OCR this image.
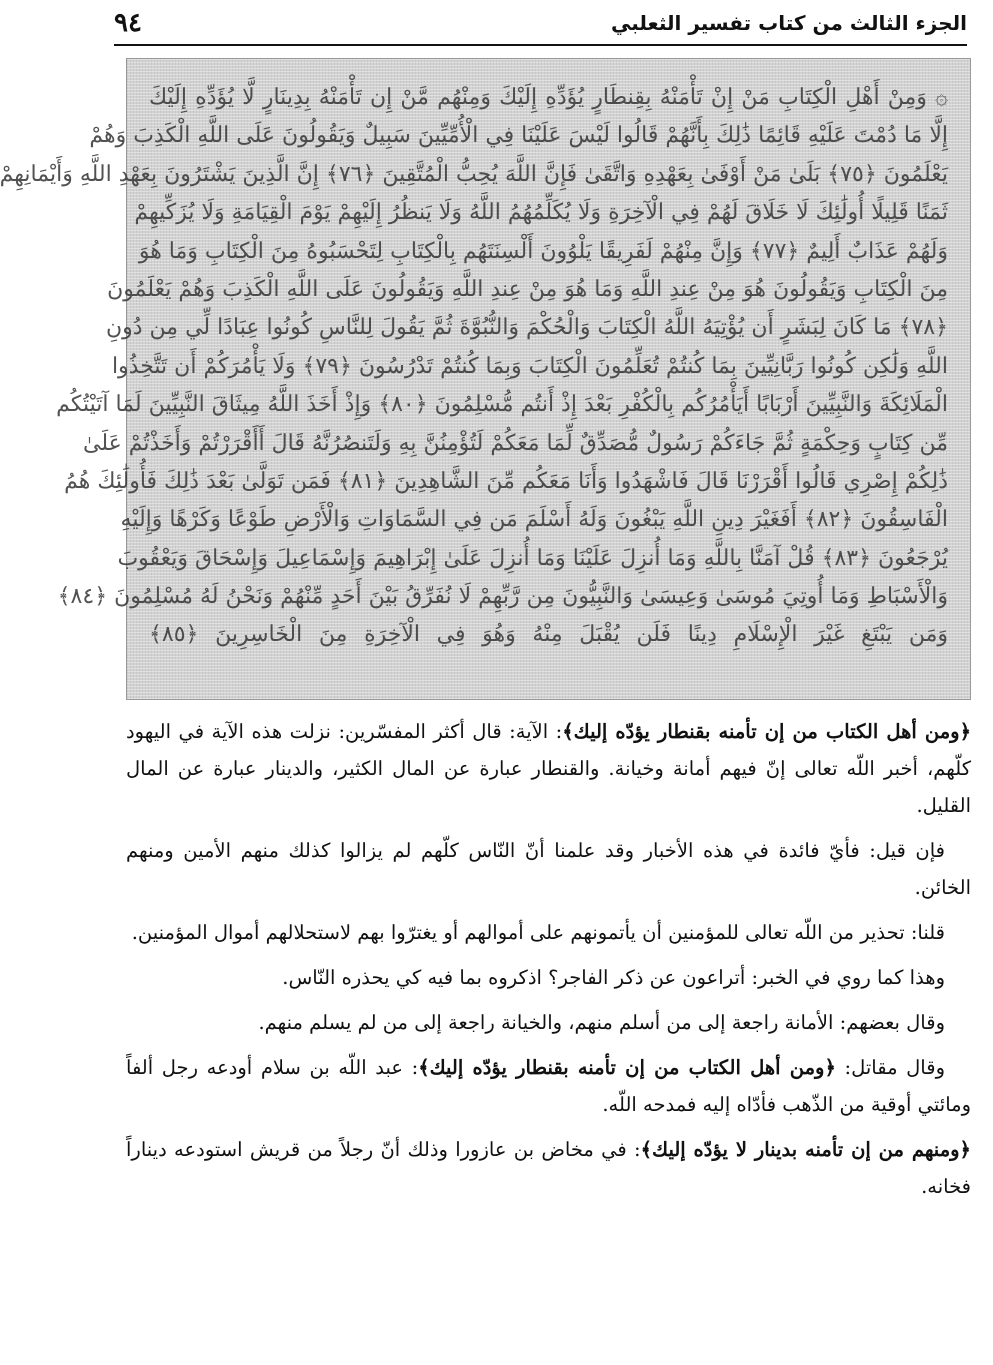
الجزء الثالث من كتاب تفسير الثعلبي
٩٤
۞ وَمِنْ أَهْلِ الْكِتَابِ مَنْ إِنْ تَأْمَنْهُ بِقِنطَارٍ يُؤَدِّهِ إِلَيْكَ وَمِنْهُم مَّنْ إِن تَأْمَنْهُ بِدِينَارٍ لَّا يُؤَدِّهِ إِلَيْكَ
إِلَّا مَا دُمْتَ عَلَيْهِ قَائِمًا ذَٰلِكَ بِأَنَّهُمْ قَالُوا لَيْسَ عَلَيْنَا فِي الْأُمِّيِّينَ سَبِيلٌ وَيَقُولُونَ عَلَى اللَّهِ الْكَذِبَ وَهُمْ
يَعْلَمُونَ ﴿٧٥﴾ بَلَىٰ مَنْ أَوْفَىٰ بِعَهْدِهِ وَاتَّقَىٰ فَإِنَّ اللَّهَ يُحِبُّ الْمُتَّقِينَ ﴿٧٦﴾ إِنَّ الَّذِينَ يَشْتَرُونَ بِعَهْدِ اللَّهِ وَأَيْمَانِهِمْ
ثَمَنًا قَلِيلًا أُولَٰئِكَ لَا خَلَاقَ لَهُمْ فِي الْآخِرَةِ وَلَا يُكَلِّمُهُمُ اللَّهُ وَلَا يَنظُرُ إِلَيْهِمْ يَوْمَ الْقِيَامَةِ وَلَا يُزَكِّيهِمْ
وَلَهُمْ عَذَابٌ أَلِيمٌ ﴿٧٧﴾ وَإِنَّ مِنْهُمْ لَفَرِيقًا يَلْوُونَ أَلْسِنَتَهُم بِالْكِتَابِ لِتَحْسَبُوهُ مِنَ الْكِتَابِ وَمَا هُوَ
مِنَ الْكِتَابِ وَيَقُولُونَ هُوَ مِنْ عِندِ اللَّهِ وَمَا هُوَ مِنْ عِندِ اللَّهِ وَيَقُولُونَ عَلَى اللَّهِ الْكَذِبَ وَهُمْ يَعْلَمُونَ
﴿٧٨﴾ مَا كَانَ لِبَشَرٍ أَن يُؤْتِيَهُ اللَّهُ الْكِتَابَ وَالْحُكْمَ وَالنُّبُوَّةَ ثُمَّ يَقُولَ لِلنَّاسِ كُونُوا عِبَادًا لِّي مِن دُونِ
اللَّهِ وَلَٰكِن كُونُوا رَبَّانِيِّينَ بِمَا كُنتُمْ تُعَلِّمُونَ الْكِتَابَ وَبِمَا كُنتُمْ تَدْرُسُونَ ﴿٧٩﴾ وَلَا يَأْمُرَكُمْ أَن تَتَّخِذُوا
الْمَلَائِكَةَ وَالنَّبِيِّينَ أَرْبَابًا أَيَأْمُرُكُم بِالْكُفْرِ بَعْدَ إِذْ أَنتُم مُّسْلِمُونَ ﴿٨٠﴾ وَإِذْ أَخَذَ اللَّهُ مِيثَاقَ النَّبِيِّينَ لَمَا آتَيْتُكُم
مِّن كِتَابٍ وَحِكْمَةٍ ثُمَّ جَاءَكُمْ رَسُولٌ مُّصَدِّقٌ لِّمَا مَعَكُمْ لَتُؤْمِنُنَّ بِهِ وَلَتَنصُرُنَّهُ قَالَ أَأَقْرَرْتُمْ وَأَخَذْتُمْ عَلَىٰ
ذَٰلِكُمْ إِصْرِي قَالُوا أَقْرَرْنَا قَالَ فَاشْهَدُوا وَأَنَا مَعَكُم مِّنَ الشَّاهِدِينَ ﴿٨١﴾ فَمَن تَوَلَّىٰ بَعْدَ ذَٰلِكَ فَأُولَٰئِكَ هُمُ
الْفَاسِقُونَ ﴿٨٢﴾ أَفَغَيْرَ دِينِ اللَّهِ يَبْغُونَ وَلَهُ أَسْلَمَ مَن فِي السَّمَاوَاتِ وَالْأَرْضِ طَوْعًا وَكَرْهًا وَإِلَيْهِ
يُرْجَعُونَ ﴿٨٣﴾ قُلْ آمَنَّا بِاللَّهِ وَمَا أُنزِلَ عَلَيْنَا وَمَا أُنزِلَ عَلَىٰ إِبْرَاهِيمَ وَإِسْمَاعِيلَ وَإِسْحَاقَ وَيَعْقُوبَ
وَالْأَسْبَاطِ وَمَا أُوتِيَ مُوسَىٰ وَعِيسَىٰ وَالنَّبِيُّونَ مِن رَّبِّهِمْ لَا نُفَرِّقُ بَيْنَ أَحَدٍ مِّنْهُمْ وَنَحْنُ لَهُ مُسْلِمُونَ ﴿٨٤﴾
وَمَن يَبْتَغِ غَيْرَ الْإِسْلَامِ دِينًا فَلَن يُقْبَلَ مِنْهُ وَهُوَ فِي الْآخِرَةِ مِنَ الْخَاسِرِينَ ﴿٨٥﴾

﴿ومن أهل الكتاب من إن تأمنه بقنطار يؤدّه إليك﴾: الآية: قال أكثر المفسّرين: نزلت هذه الآية في اليهود كلّهم، أخبر اللّه تعالى إنّ فيهم أمانة وخيانة. والقنطار عبارة عن المال الكثير، والدينار عبارة عن المال القليل.

فإن قيل: فأيّ فائدة في هذه الأخبار وقد علمنا أنّ النّاس كلّهم لم يزالوا كذلك منهم الأمين ومنهم الخائن.

قلنا: تحذير من اللّه تعالى للمؤمنين أن يأتمونهم على أموالهم أو يغترّوا بهم لاستحلالهم أموال المؤمنين.

وهذا كما روي في الخبر: أتراعون عن ذكر الفاجر؟ اذكروه بما فيه كي يحذره النّاس.

وقال بعضهم: الأمانة راجعة إلى من أسلم منهم، والخيانة راجعة إلى من لم يسلم منهم.

وقال مقاتل: ﴿ومن أهل الكتاب من إن تأمنه بقنطار يؤدّه إليك﴾: عبد اللّه بن سلام أودعه رجل ألفاً ومائتي أوقية من الذّهب فأدّاه إليه فمدحه اللّه.

﴿ومنهم من إن تأمنه بدينار لا يؤدّه إليك﴾: في مخاض بن عازورا وذلك أنّ رجلاً من قريش استودعه ديناراً فخانه.
